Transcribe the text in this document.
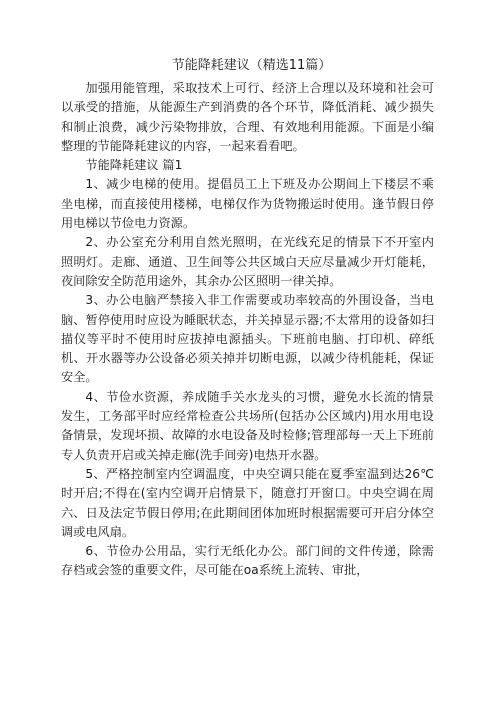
节能降耗建议（精选11篇）

加强用能管理，采取技术上可行、经济上合理以及环境和社会可以承受的措施，从能源生产到消费的各个环节，降低消耗、减少损失和制止浪费，减少污染物排放，合理、有效地利用能源。下面是小编整理的节能降耗建议的内容，一起来看看吧。

节能降耗建议 篇1

1、减少电梯的使用。提倡员工上下班及办公期间上下楼层不乘坐电梯，而直接使用楼梯，电梯仅作为货物搬运时使用。逢节假日停用电梯以节俭电力资源。

2、办公室充分利用自然光照明，在光线充足的情景下不开室内照明灯。走廊、通道、卫生间等公共区域白天应尽量减少开灯能耗，夜间除安全防范用途外，其余办公区照明一律关掉。

3、办公电脑严禁接入非工作需要或功率较高的外围设备，当电脑、暂停使用时应设为睡眠状态，并关掉显示器;不太常用的设备如扫描仪等平时不使用时应拔掉电源插头。下班前电脑、打印机、碎纸机、开水器等办公设备必须关掉并切断电源，以减少待机能耗，保证安全。

4、节俭水资源，养成随手关水龙头的习惯，避免水长流的情景发生，工务部平时应经常检查公共场所(包括办公区域内)用水用电设备情景，发现坏损、故障的水电设备及时检修;管理部每一天上下班前专人负责开启或关掉走廊(洗手间旁)电热开水器。

5、严格控制室内空调温度，中央空调只能在夏季室温到达26℃时开启;不得在(室内空调开启情景下，随意打开窗口。中央空调在周六、日及法定节假日停用;在此期间团体加班时根据需要可开启分体空调或电风扇。

6、节俭办公用品，实行无纸化办公。部门间的文件传递，除需存档或会签的重要文件，尽可能在oa系统上流转、审批，
